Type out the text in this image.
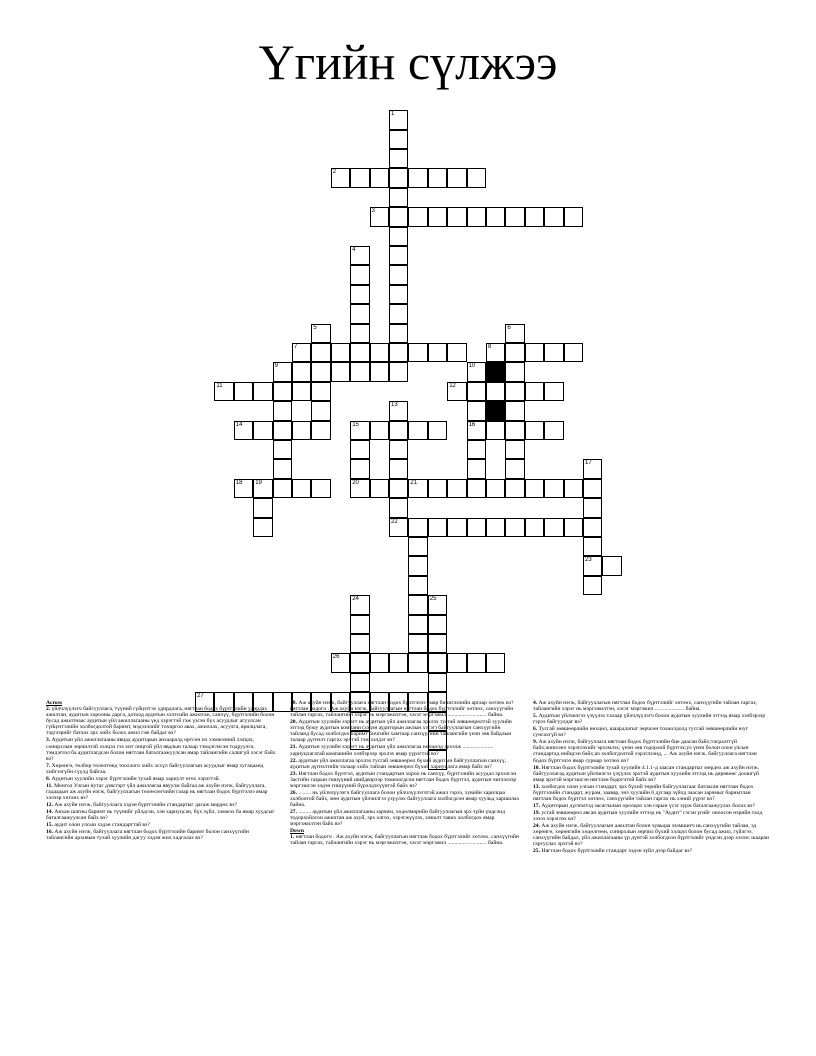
Үгийн сүлжээ
1
2
3
4
5	6
7	8
9	10
11	12
13
14	15	16
17
18 19	20	21
22
23
24	25
26
27
Across

2. үйлчлүүлэгч байгууллага, түүний гүйцэтгэх удирдлага, нягтлан бодох бүртгэлийн удирдах ажилтан, аудитын хорооны дарга, дотоод аудитын хэлтсийн ажилтан, санхүү, бүртгэлийн болон бусад ажилтнаас аудитын үйл ажиллагааны үед хэрэгтэй гэж үзсэн бүх асуудлыг агуулсан гүйцэтгэлийн холбогдолтой баримт, мэдээллийг тохиргоо авах, ажиллах, асуулга, ярилцлага, тэдгээрийг батлах эрх хийх болох ажил гэж байдаг вэ?

3. Аудитын үйл ажиллагааны явцад аудиторын анхааралд өртсөн их хэмжээний хэлцэл, сонирхлын зөрчилтэй хэлцэл гэх мэт онцгой үйл явдлын талаар тэмдэглэсэн тодруулга, тэмдэглэл ба аудитлагдсан болон нягтлан баталгаажуулсан ямар тайлангийн салшгүй хэсэг байх вэ?

7. Хөрөнгө, төлбөр төлөлтөнд тооллого хийх эсхүл байгууллагын асуудлыг ямар хугацаанд хийгээгүйн сүүлд байгаа.

8. Аудитын хуулийн хэрэг бүртгэлийн тухай ямар хариулт өгөх хэрэгтэй.

11. Монгол Улсын нутаг дэвсгэрт үйл ажиллагаа явуулж байгаа аж ахуйн нэгж, байгууллага, гадаадын аж ахуйн нэгж, байгууллагын төлөөлөгчийн газар нь нягтлан бодох бүртгэлээ ямар хэлээр хөтлөх вэ?

12. Аж ахуйн нэгж, байгууллага хэдэн бүртгэлийн стандартыг дагаж мөрдөх вэ?

14. Анхан шатны баримт нь түүнийг үйлдсэн, хэн хариуцсан, бүх зүйл, хэмжээ ба ямар хуудсыг баталгаажуулсан байх вэ?

15. аудит олон улсын хэдэн стандарттай вэ?

16. Аж ахуйн нэгж, байгууллага нягтлан бодох бүртгэлийн баримт болон санхүүгийн тайлангийн архивын тухай хуулийн дагуу хэдэн жил хадгалах вэ?

18. Аж ахуйн нэгж, байгууллага нягтлан бодох бүртгэлээ ямар бичиглэлийн аргаар хөтлөх вэ? нягтлан бодогч . Аж ахуйн нэгж, байгууллагын нягтлан бодох бүртгэлийг хөтлөх, санхүүгийн тайлан гаргах, тайлангийн хэрэг нь мэргэжилтэн, хэсэг мэргэжил ............................ байна.

20. Аудитын хуулийн хэрэгт нь аудитын үйл ажиллагаа эрхлэх тусгай зөвшөөрөлтэй хуулийн этгээд буюу аудитын компани (хэдэн аудиторын ажлын хэсэг) байгууллагын санхүүгийн тайланд бусад холбогдох баримт бичгийн хамтаар санхүүгийн тайлангийн үнэн зөв байдлын талаар дүгнэлт гаргах эрхтэй гэж хэлдэг вэ?

21. Аудитын хуулийн хэрэгт нь аудитын үйл ажиллагаа нөхцөлд эрхэлж ...................... хариуцлагатай компанийн хэлбэрээр эрхлэх ямар үүрэгтэй вэ?

22. аудитын үйл ажиллагаа эрхлэх тусгай зөвшөөрөл бүхий аудитын байгууллагын санхүү, аудитын дүгнэлтийн талаар хийх тайлан зөвшөөрөл бүхий хариуцлага ямар байх вэ?

23. Нягтлан бодох бүртгэл, аудитын стандартын хороо нь санхүү, бүртгэлийн асуудал эрхэлсэн Засгийн газрын гишүүний шийдвэрээр томилогдсон нягтлан бодох бүртгэл, аудитын чиглэлээр мэргэшсэн хэдэн гишүүний бүрэлдэхүүнтэй байх вэ?

26. ......... нь үйлчлүүлэгч байгууллага болон үйлчлүүлэгчтэй ажил гэрээ, хувийн харилцаа холбоотой байх, мөн аудитын үйлчилгээ үзүүлэх байгууллага холбогдсон ямар хуульд харшилах байна.

27. ......... аудитын үйл ажиллагааны зарчим, хөдөлмөрийн байгууллагын эрх зүйн үндсэнд тодорхойлсон ажилтан аж ахуй, эрх олгох, хэрэгжүүлэх, хяналт тавих холбогдох ямар мэргэжилтэн байх вэ?

Down

1. нягтлан бодогч . Аж ахуйн нэгж, байгууллагын нягтлан бодох бүртгэлийг хөтлөх, санхүүгийн тайлан гаргах, тайлангийн хэрэг нь мэргэжилтэн, хэсэг мэргэжил ............................ байна.

4. Аж ахуйн нэгж, байгууллагын нягтлан бодох бүртгэлийг хөтлөх, санхүүгийн тайлан гаргах, тайлангийн хэрэг нь мэргэжилтэн, хэсэг мэргэжил ..................... байна.

5. Аудитын үйлчилгээ үзүүлэх талаар үйлчлүүлэгч болон аудитын хуулийн этгээд ямар хэлбэрээр гэрээ байгуулдаг вэ?

6. Тусгай зөвшөөрлийн нөхцөл, шаардлагыг зөрчсөн тохиолдолд тусгай зөвшөөрлийн юуг сунгахгүй вэ?

9. Аж ахуйн нэгж, байгууллага нягтлан бодох бүртгэлийн бие даасан байх;тасралтгүй байх;жинхэнэ хэрэглэхийг эрхэмлэх; үнэн зөв тодорхой бүртгэх;ул үнэн болон олон улсын стандартад нийцсэн байх;ач холбогдолтой хэрэглээнд, ... Аж ахуйн нэгж, байгууллага нягтлан бодох бүртгэлээ ямар сурмар хөтлөх вэ?

10. Нягтлан бодох бүртгэлийн тухай хуулийн 4.1.1-д заасан стандартыг мөрдөх аж ахуйн нэгж, байгууллагад аудитын үйлчилгээ үзүүлэх эрхтэй аудитын хуулийн этгээд нь дөрөвөөс доошгүй ямар эрхтэй мэргэшсэн нягтлан бодогчтой байх вэ?

13. холбогдох олон улсын стандарт, эрх бүхий төрийн байгууллагаас батласан нягтлан бодох бүртгэлийн стандарт, журам, заавар, энэ хуулийн 6 дугаар зүйлд заасан зарчмыг баримтлан нягтлан бодох бүртгэл хөтлөх, санхүүгийн тайлан гаргах нь хэний үүрэг вэ?

17. Аудиторын дүгнэлтэд засаглалын оролцоо хэн гарын үсэг зурж баталгаажуулах болох вэ?

19. усгай зөвшөөрөл авсан аудитын хуулийн этгээд нь "Аудит" гэсэн үгийг оноосон нэрийн талд хэзээ хэрэглэх вэ?

24. Аж ахуйн нэгж, байгууллагын ажилтан болон хувьцаа эзэмшигч нь санхүүгийн тайлан, эд хөрөнгө, хөрөнгийн хөдөлгөөн, сонирхлын зөрчил бүхий хэлцэл болон бусад ажил, гүйлгээ, санхүүгийн байдал, үйл ажиллагааны үр дүнтэй холбогдсон бүртгэлийг үндсэн дээр хэзээс шааран гаргуулах эрхтэй вэ?

25. Нягтлан бодох бүртгэлийн стандарт хэдэн зүйл дээр байдаг вэ?
